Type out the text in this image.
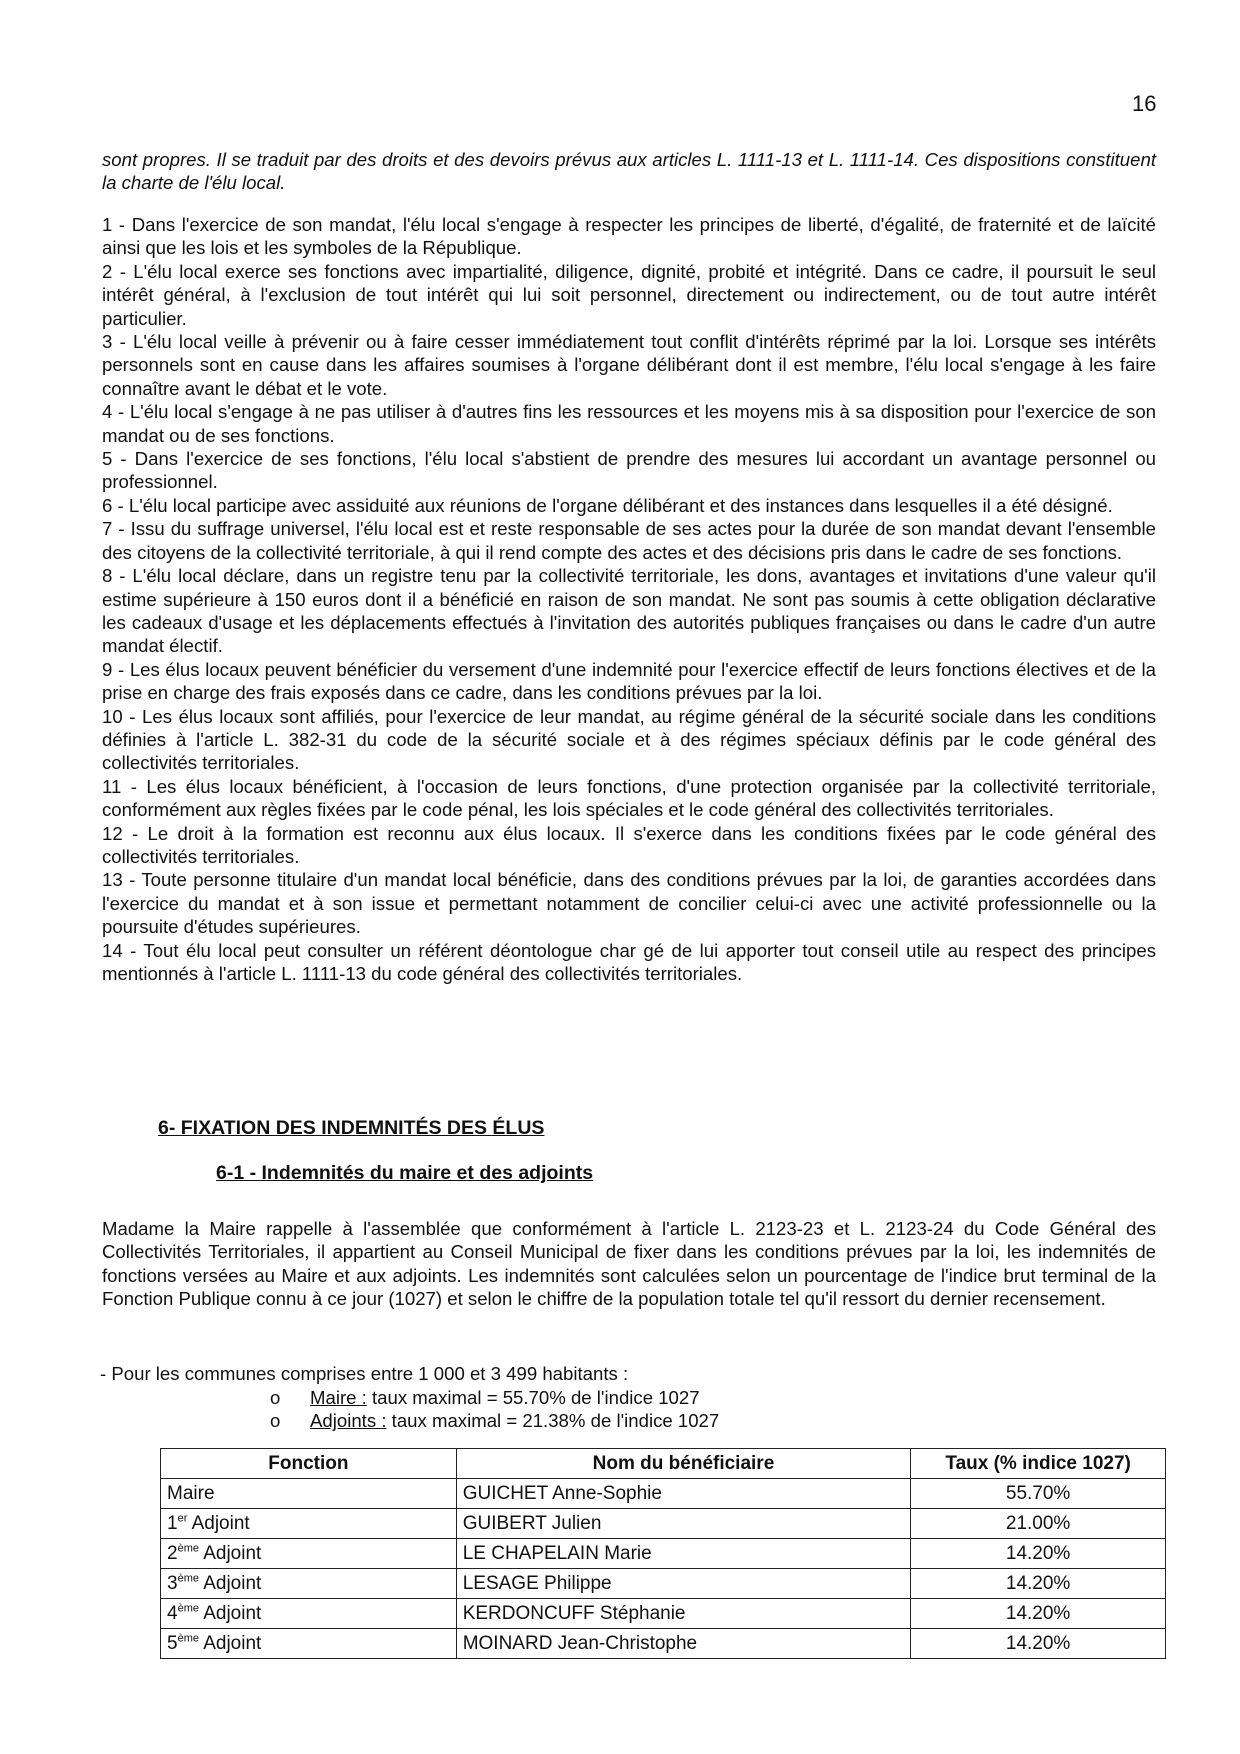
16

sont propres. Il se traduit par des droits et des devoirs prévus aux articles L. 1111-13 et L. 1111-14. Ces dispositions constituent la charte de l'élu local.

1 - Dans l'exercice de son mandat, l'élu local s'engage à respecter les principes de liberté, d'égalité, de fraternité et de laïcité ainsi que les lois et les symboles de la République.

2 - L'élu local exerce ses fonctions avec impartialité, diligence, dignité, probité et intégrité. Dans ce cadre, il poursuit le seul intérêt général, à l'exclusion de tout intérêt qui lui soit personnel, directement ou indirectement, ou de tout autre intérêt particulier.

3 - L'élu local veille à prévenir ou à faire cesser immédiatement tout conflit d'intérêts réprimé par la loi. Lorsque ses intérêts personnels sont en cause dans les affaires soumises à l'organe délibérant dont il est membre, l'élu local s'engage à les faire connaître avant le débat et le vote.

4 - L'élu local s'engage à ne pas utiliser à d'autres fins les ressources et les moyens mis à sa disposition pour l'exercice de son mandat ou de ses fonctions.

5 - Dans l'exercice de ses fonctions, l'élu local s'abstient de prendre des mesures lui accordant un avantage personnel ou professionnel.

6 - L'élu local participe avec assiduité aux réunions de l'organe délibérant et des instances dans lesquelles il a été désigné.

7 - Issu du suffrage universel, l'élu local est et reste responsable de ses actes pour la durée de son mandat devant l'ensemble des citoyens de la collectivité territoriale, à qui il rend compte des actes et des décisions pris dans le cadre de ses fonctions.

8 - L'élu local déclare, dans un registre tenu par la collectivité territoriale, les dons, avantages et invitations d'une valeur qu'il estime supérieure à 150 euros dont il a bénéficié en raison de son mandat. Ne sont pas soumis à cette obligation déclarative les cadeaux d'usage et les déplacements effectués à l'invitation des autorités publiques françaises ou dans le cadre d'un autre mandat électif.

9 - Les élus locaux peuvent bénéficier du versement d'une indemnité pour l'exercice effectif de leurs fonctions électives et de la prise en charge des frais exposés dans ce cadre, dans les conditions prévues par la loi.

10 - Les élus locaux sont affiliés, pour l'exercice de leur mandat, au régime général de la sécurité sociale dans les conditions définies à l'article L. 382-31 du code de la sécurité sociale et à des régimes spéciaux définis par le code général des collectivités territoriales.

11 - Les élus locaux bénéficient, à l'occasion de leurs fonctions, d'une protection organisée par la collectivité territoriale, conformément aux règles fixées par le code pénal, les lois spéciales et le code général des collectivités territoriales.

12 - Le droit à la formation est reconnu aux élus locaux. Il s'exerce dans les conditions fixées par le code général des collectivités territoriales.

13 - Toute personne titulaire d'un mandat local bénéficie, dans des conditions prévues par la loi, de garanties accordées dans l'exercice du mandat et à son issue et permettant notamment de concilier celui-ci avec une activité professionnelle ou la poursuite d'études supérieures.

14 - Tout élu local peut consulter un référent déontologue char gé de lui apporter tout conseil utile au respect des principes mentionnés à l'article L. 1111-13 du code général des collectivités territoriales.

6- FIXATION DES INDEMNITÉS DES ÉLUS
6-1 - Indemnités du maire et des adjoints

Madame la Maire rappelle à l'assemblée que conformément à l'article L. 2123-23 et L. 2123-24 du Code Général des Collectivités Territoriales, il appartient au Conseil Municipal de fixer dans les conditions prévues par la loi, les indemnités de fonctions versées au Maire et aux adjoints. Les indemnités sont calculées selon un pourcentage de l'indice brut terminal de la Fonction Publique connu à ce jour (1027) et selon le chiffre de la population totale tel qu'il ressort du dernier recensement.

- Pour les communes comprises entre 1 000 et 3 499 habitants :
o	Maire : taux maximal = 55.70% de l'indice 1027
o	Adjoints : taux maximal = 21.38% de l'indice 1027
Fonction	Nom du bénéficiaire	Taux (% indice 1027)
Maire	GUICHET Anne-Sophie	55.70%
1er Adjoint	GUIBERT Julien	21.00%
2ème Adjoint	LE CHAPELAIN Marie	14.20%
3ème Adjoint	LESAGE Philippe	14.20%
4ème Adjoint	KERDONCUFF Stéphanie	14.20%
5ème Adjoint	MOINARD Jean-Christophe	14.20%
